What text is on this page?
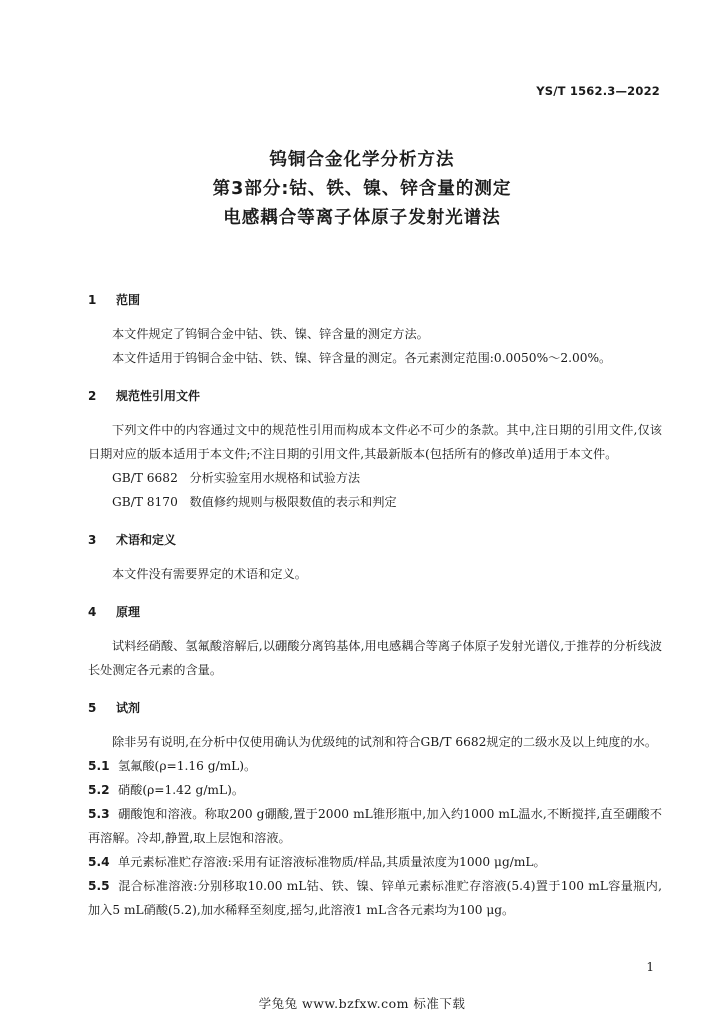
YS/T 1562.3—2022
钨铜合金化学分析方法
第3部分:钴、铁、镍、锌含量的测定
电感耦合等离子体原子发射光谱法
1 范围

本文件规定了钨铜合金中钴、铁、镍、锌含量的测定方法。

本文件适用于钨铜合金中钴、铁、镍、锌含量的测定。各元素测定范围:0.0050%～2.00%。

2 规范性引用文件

下列文件中的内容通过文中的规范性引用而构成本文件必不可少的条款。其中,注日期的引用文件,仅该日期对应的版本适用于本文件;不注日期的引用文件,其最新版本(包括所有的修改单)适用于本文件。

GB/T 6682   分析实验室用水规格和试验方法

GB/T 8170   数值修约规则与极限数值的表示和判定

3 术语和定义

本文件没有需要界定的术语和定义。

4 原理

试料经硝酸、氢氟酸溶解后,以硼酸分离钨基体,用电感耦合等离子体原子发射光谱仪,于推荐的分析线波长处测定各元素的含量。

5 试剂

除非另有说明,在分析中仅使用确认为优级纯的试剂和符合GB/T 6682规定的二级水及以上纯度的水。

5.1 氢氟酸(ρ=1.16 g/mL)。

5.2 硝酸(ρ=1.42 g/mL)。

5.3 硼酸饱和溶液。称取200 g硼酸,置于2000 mL锥形瓶中,加入约1000 mL温水,不断搅拌,直至硼酸不再溶解。冷却,静置,取上层饱和溶液。

5.4 单元素标准贮存溶液:采用有证溶液标准物质/样品,其质量浓度为1000 μg/mL。

5.5 混合标准溶液:分别移取10.00 mL钴、铁、镍、锌单元素标准贮存溶液(5.4)置于100 mL容量瓶内,加入5 mL硝酸(5.2),加水稀释至刻度,摇匀,此溶液1 mL含各元素均为100 μg。

1
学兔兔 www.bzfxw.com 标准下载
